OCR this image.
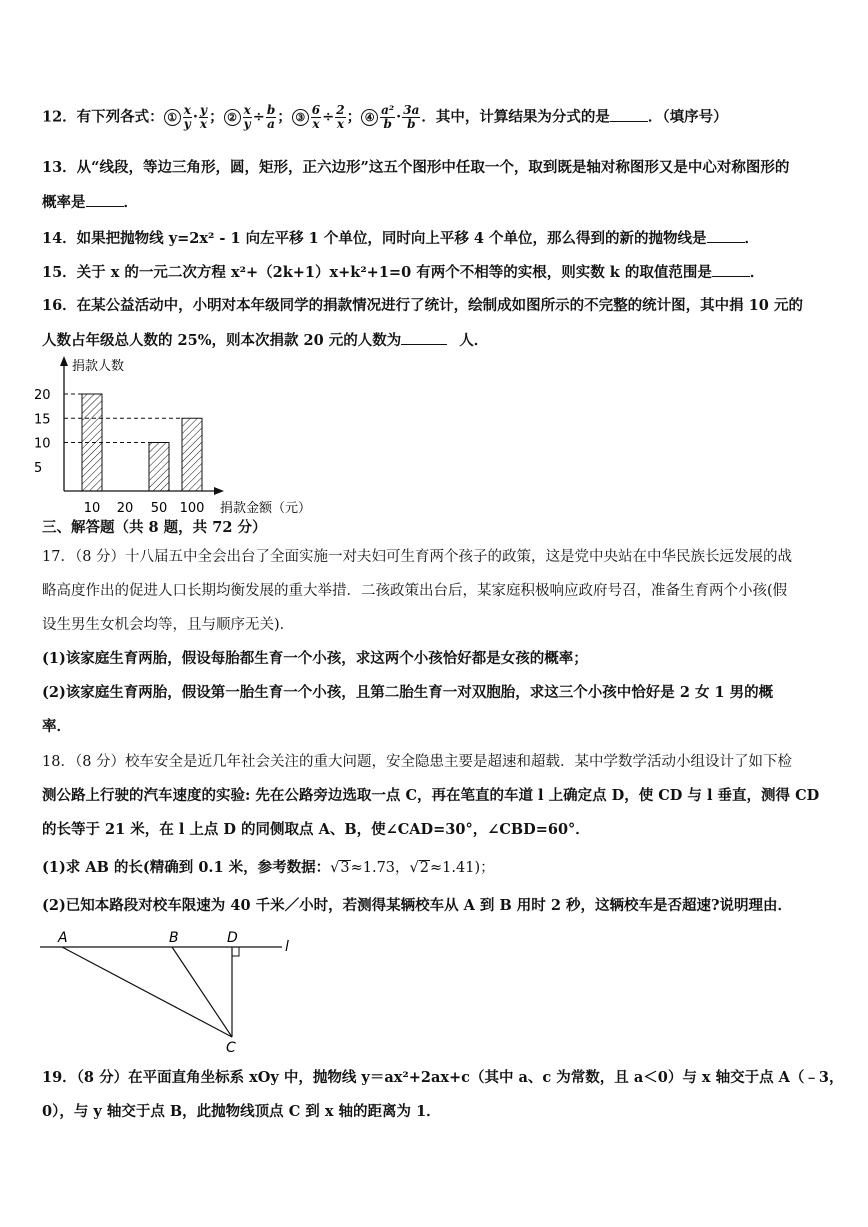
12．有下列各式： ① $\frac{x}{y} \cdot \frac{y}{x}$ ； ② $\frac{x}{y} \div \frac{b}{a}$ ； ③ $\frac{6}{x} \div \frac{2}{x}$ ； ④ $\frac{\text{a²}}{b} \cdot \frac{3a}{b}$ ．其中，计算结果为分式的是	．（填序号）
13．从“线段，等边三角形，圆，矩形，正六边形”这五个图形中任取一个，取到既是轴对称图形又是中心对称图形的
概率是	．
14．如果把抛物线 y=2x² - 1 向左平移 1 个单位，同时向上平移 4 个单位，那么得到的新的抛物线是	．
15．关于 x 的一元二次方程 x²+（2k+1）x+k²+1=0 有两个不相等的实根，则实数 k 的取值范围是	．
16．在某公益活动中，小明对本年级同学的捐款情况进行了统计，绘制成如图所示的不完整的统计图，其中捐 10 元的
人数占年级总人数的 25%，则本次捐款 20 元的人数为	人．
捐款人数
捐款金额（元）
5
10
15
20
10 20 50 100
三、解答题（共 8 题，共 72 分）
17．（8 分）十八届五中全会出台了全面实施一对夫妇可生育两个孩子的政策，这是党中央站在中华民族长远发展的战
略高度作出的促进人口长期均衡发展的重大举措．二孩政策出台后，某家庭积极响应政府号召，准备生育两个小孩(假
设生男生女机会均等，且与顺序无关)．
(1)该家庭生育两胎，假设每胎都生育一个小孩，求这两个小孩恰好都是女孩的概率；
(2)该家庭生育两胎，假设第一胎生育一个小孩，且第二胎生育一对双胞胎，求这三个小孩中恰好是 2 女 1 男的概
率．
18．（8 分）校车安全是近几年社会关注的重大问题，安全隐患主要是超速和超载．某中学数学活动小组设计了如下检
测公路上行驶的汽车速度的实验: 先在公路旁边选取一点 C，再在笔直的车道 l 上确定点 D，使 CD 与 l 垂直，测得 CD
的长等于 21 米，在 l 上点 D 的同侧取点 A、B，使∠CAD=30°，∠CBD=60°．
(1)求 AB 的长(精确到 0.1 米，参考数据：√3≈1.73，√2≈1.41)；
(2)已知本路段对校车限速为 40 千米／小时，若测得某辆校车从 A 到 B 用时 2 秒，这辆校车是否超速?说明理由．
A	B	D
l
C
19．（8 分）在平面直角坐标系 xOy 中，抛物线 y＝ax²+2ax+c（其中 a、c 为常数，且 a＜0）与 x 轴交于点 A（﹣3，
0），与 y 轴交于点 B，此抛物线顶点 C 到 x 轴的距离为 1．
